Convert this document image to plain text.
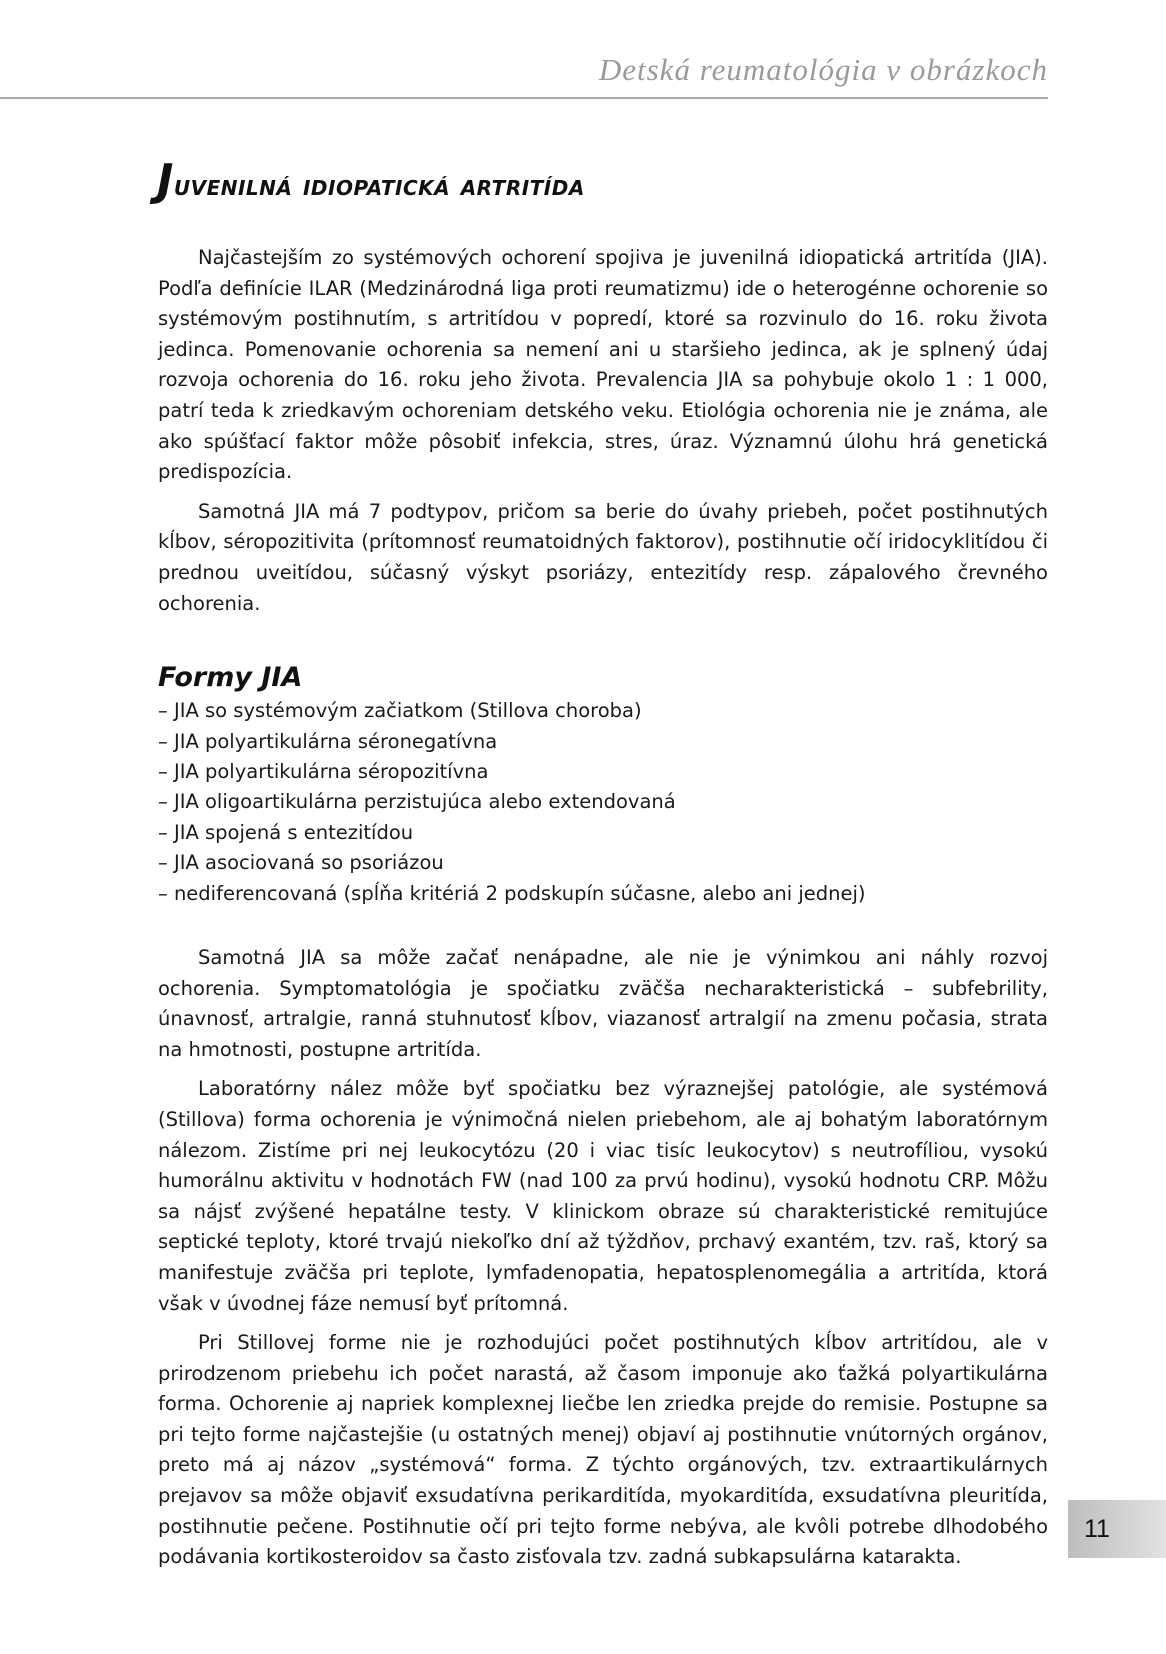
Detská reumatológia v obrázkoch
Juvenilná idiopatická artritída

Najčastejším zo systémových ochorení spojiva je juvenilná idiopatická artritída (JIA). Podľa definície ILAR (Medzinárodná liga proti reumatizmu) ide o heterogénne ochorenie so systémovým postihnutím, s artritídou v popredí, ktoré sa rozvinulo do 16. roku života jedinca. Pomenovanie ochorenia sa nemení ani u staršieho jedinca, ak je splnený údaj rozvoja ochorenia do 16. roku jeho života. Prevalencia JIA sa pohybuje okolo 1 : 1 000, patrí teda k zriedkavým ochoreniam detského veku. Etiológia ochorenia nie je známa, ale ako spúšťací faktor môže pôsobiť infekcia, stres, úraz. Významnú úlohu hrá genetická predispozícia.

Samotná JIA má 7 podtypov, pričom sa berie do úvahy priebeh, počet postihnutých kĺbov, séropozitivita (prítomnosť reumatoidných faktorov), postihnutie očí iridocyklitídou či prednou uveitídou, súčasný výskyt psoriázy, entezitídy resp. zápalového črevného ochorenia.

Formy JIA
– JIA so systémovým začiatkom (Stillova choroba)
– JIA polyartikulárna séronegatívna
– JIA polyartikulárna séropozitívna
– JIA oligoartikulárna perzistujúca alebo extendovaná
– JIA spojená s entezitídou
– JIA asociovaná so psoriázou
– nediferencovaná (spĺňa kritériá 2 podskupín súčasne, alebo ani jednej)

Samotná JIA sa môže začať nenápadne, ale nie je výnimkou ani náhly rozvoj ochorenia. Symptomatológia je spočiatku zväčša necharakteristická – subfebrility, únavnosť, artralgie, ranná stuhnutosť kĺbov, viazanosť artralgií na zmenu počasia, strata na hmotnosti, postupne artritída.

Laboratórny nález môže byť spočiatku bez výraznejšej patológie, ale systémová (Stillova) forma ochorenia je výnimočná nielen priebehom, ale aj bohatým laboratórnym nálezom. Zistíme pri nej leukocytózu (20 i viac tisíc leukocytov) s neutrofíliou, vysokú humorálnu aktivitu v hodnotách FW (nad 100 za prvú hodinu), vysokú hodnotu CRP. Môžu sa nájsť zvýšené hepatálne testy. V klinickom obraze sú charakteristické remitujúce septické teploty, ktoré trvajú niekoľko dní až týždňov, prchavý exantém, tzv. raš, ktorý sa manifestuje zväčša pri teplote, lymfadenopatia, hepatosplenomegália a artritída, ktorá však v úvodnej fáze nemusí byť prítomná.

Pri Stillovej forme nie je rozhodujúci počet postihnutých kĺbov artritídou, ale v prirodzenom priebehu ich počet narastá, až časom imponuje ako ťažká polyartikulárna forma. Ochorenie aj napriek komplexnej liečbe len zriedka prejde do remisie. Postupne sa pri tejto forme najčastejšie (u ostatných menej) objaví aj postihnutie vnútorných orgánov, preto má aj názov „systémová“ forma. Z týchto orgánových, tzv. extraartikulárnych prejavov sa môže objaviť exsudatívna perikarditída, myokarditída, exsudatívna pleuritída, postihnutie pečene. Postihnutie očí pri tejto forme nebýva, ale kvôli potrebe dlhodobého podávania kortikosteroidov sa často zisťovala tzv. zadná subkapsulárna katarakta.

11
